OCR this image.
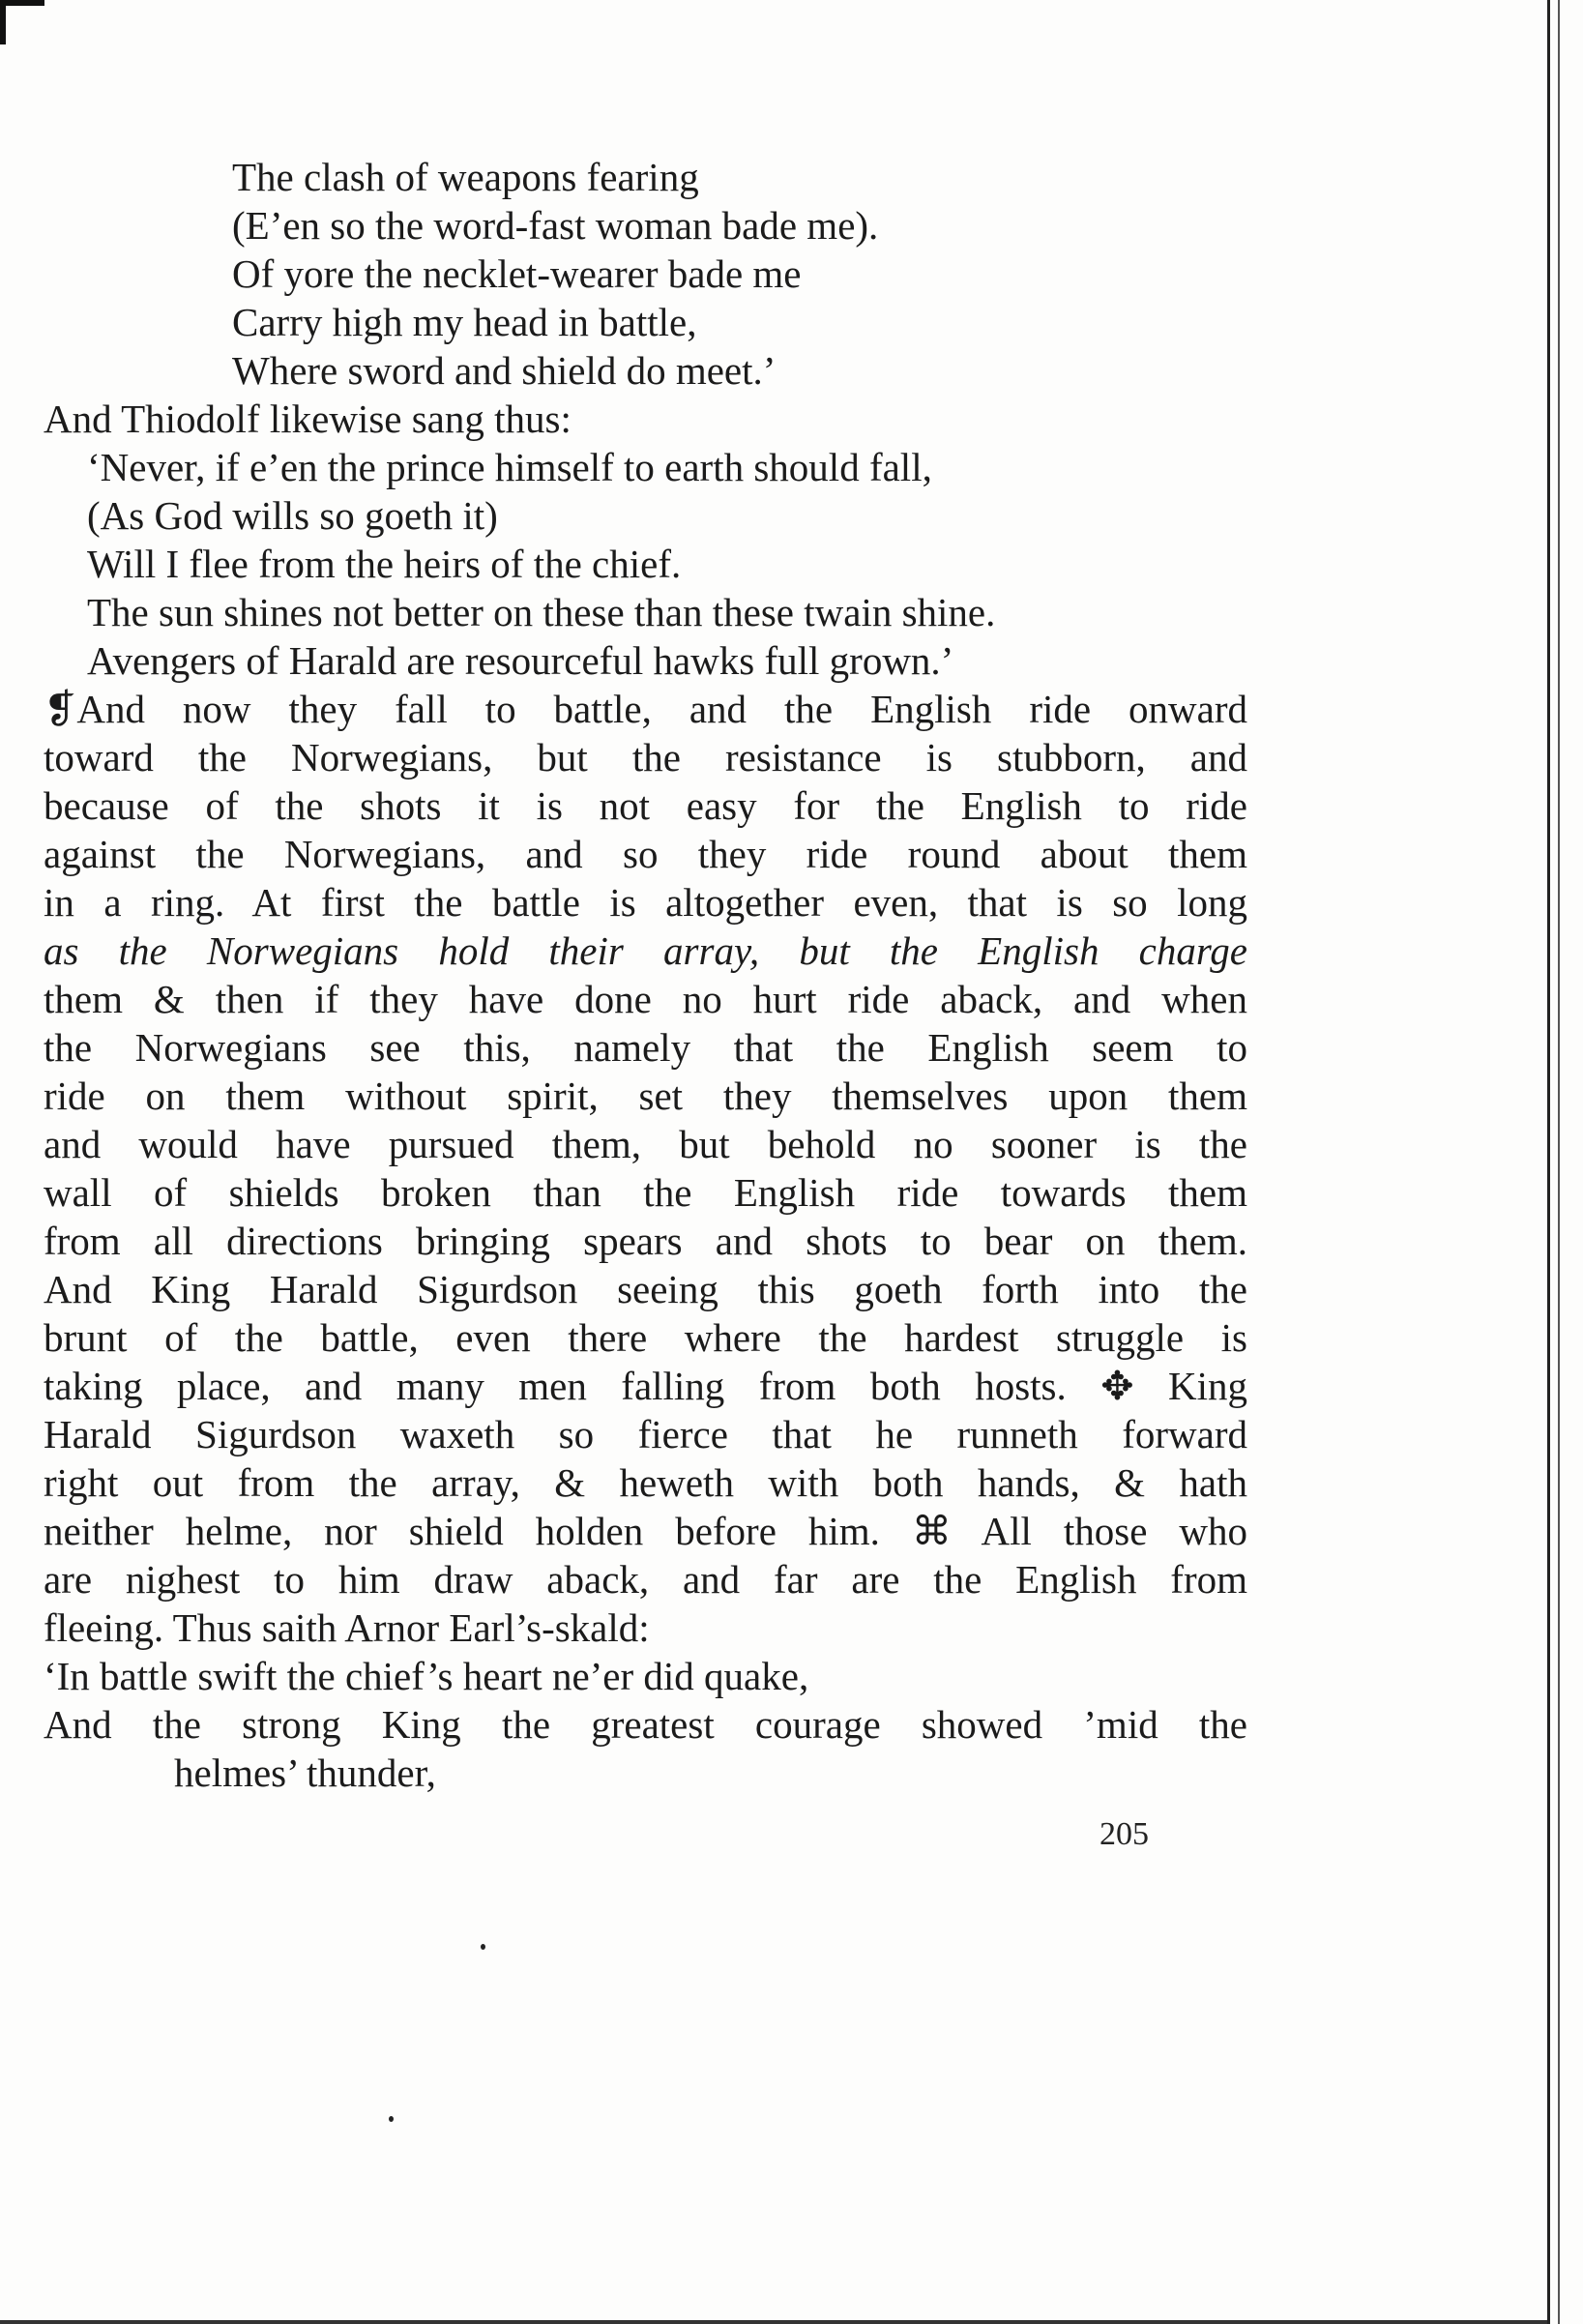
The clash of weapons fearing

(E’en so the word-fast woman bade me).

Of yore the necklet-wearer bade me

Carry high my head in battle,

Where sword and shield do meet.’

And Thiodolf likewise sang thus:

‘Never, if e’en the prince himself to earth should fall,

(As God wills so goeth it)

Will I flee from the heirs of the chief.

The sun shines not better on these than these twain shine.

Avengers of Harald are resourceful hawks full grown.’

❡And now they fall to battle, and the English ride onward

toward the Norwegians, but the resistance is stubborn, and

because of the shots it is not easy for the English to ride

against the Norwegians, and so they ride round about them

in a ring. At first the battle is altogether even, that is so long

as the Norwegians hold their array, but the English charge

them & then if they have done no hurt ride aback, and when

the Norwegians see this, namely that the English seem to

ride on them without spirit, set they themselves upon them

and would have pursued them, but behold no sooner is the

wall of shields broken than the English ride towards them

from all directions bringing spears and shots to bear on them.

And King Harald Sigurdson seeing this goeth forth into the

brunt of the battle, even there where the hardest struggle is

taking place, and many men falling from both hosts. ✥ King

Harald Sigurdson waxeth so fierce that he runneth forward

right out from the array, & heweth with both hands, & hath

neither helme, nor shield holden before him. ⌘ All those who

are nighest to him draw aback, and far are the English from

fleeing. Thus saith Arnor Earl’s-skald:

‘In battle swift the chief’s heart ne’er did quake,

And the strong King the greatest courage showed ’mid the

helmes’ thunder,

205
